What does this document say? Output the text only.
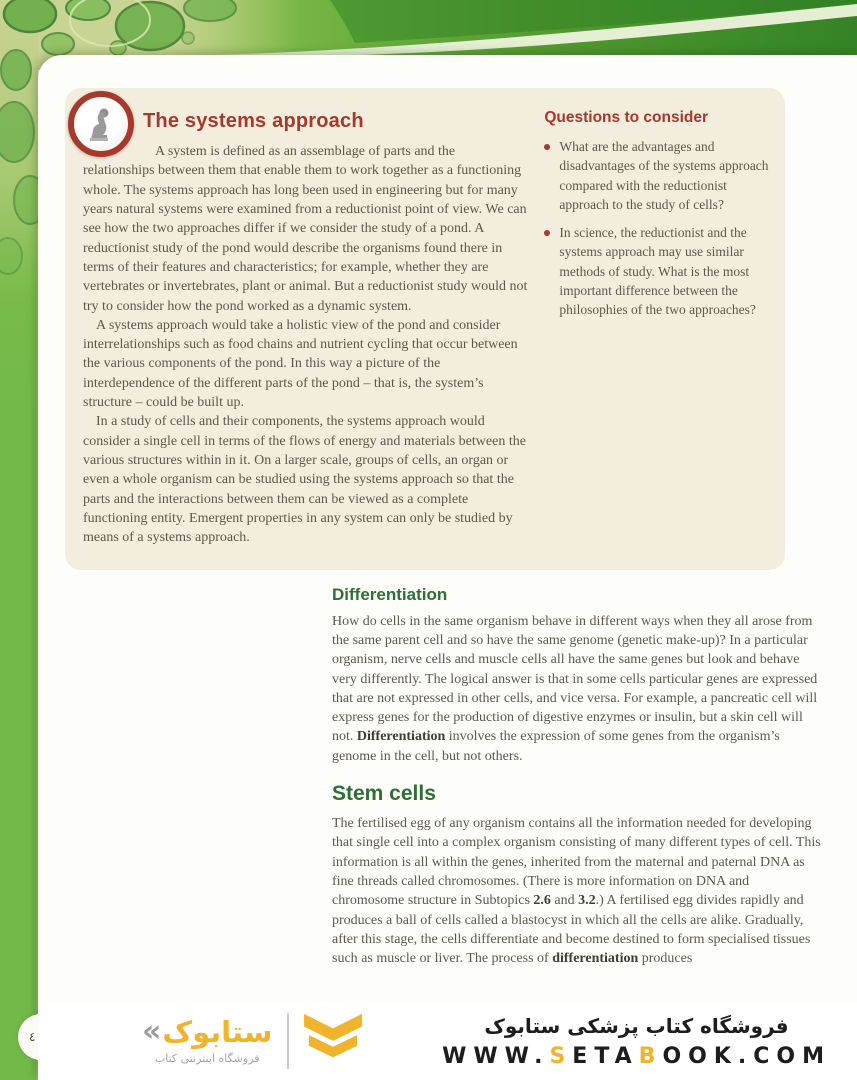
The systems approach

A system is defined as an assemblage of parts and the relationships between them that enable them to work together as a functioning whole. The systems approach has long been used in engineering but for many years natural systems were examined from a reductionist point of view. We can see how the two approaches differ if we consider the study of a pond. A reductionist study of the pond would describe the organisms found there in terms of their features and characteristics; for example, whether they are vertebrates or invertebrates, plant or animal. But a reductionist study would not try to consider how the pond worked as a dynamic system.

A systems approach would take a holistic view of the pond and consider interrelationships such as food chains and nutrient cycling that occur between the various components of the pond. In this way a picture of the interdependence of the different parts of the pond – that is, the system’s structure – could be built up.

In a study of cells and their components, the systems approach would consider a single cell in terms of the flows of energy and materials between the various structures within in it. On a larger scale, groups of cells, an organ or even a whole organism can be studied using the systems approach so that the parts and the interactions between them can be viewed as a complete functioning entity. Emergent properties in any system can only be studied by means of a systems approach.

Questions to consider
What are the advantages and disadvantages of the systems approach compared with the reductionist approach to the study of cells?
In science, the reductionist and the systems approach may use similar methods of study. What is the most important difference between the philosophies of the two approaches?
Differentiation

How do cells in the same organism behave in different ways when they all arose from the same parent cell and so have the same genome (genetic make-up)? In a particular organism, nerve cells and muscle cells all have the same genes but look and behave very differently. The logical answer is that in some cells particular genes are expressed that are not expressed in other cells, and vice versa. For example, a pancreatic cell will express genes for the production of digestive enzymes or insulin, but a skin cell will not. Differentiation involves the expression of some genes from the organism’s genome in the cell, but not others.

Stem cells

The fertilised egg of any organism contains all the information needed for developing that single cell into a complex organism consisting of many different types of cell. This information is all within the genes, inherited from the maternal and paternal DNA as fine threads called chromosomes. (There is more information on DNA and chromosome structure in Subtopics 2.6 and 3.2.) A fertilised egg divides rapidly and produces a ball of cells called a blastocyst in which all the cells are alike. Gradually, after this stage, the cells differentiate and become destined to form specialised tissues such as muscle or liver. The process of differentiation produces

٤	« ستابوک
فروشگاه اینترنتی کتاب
فروشگاه کتاب پزشکی ستابوک
WWW.SETABOOK.COM
